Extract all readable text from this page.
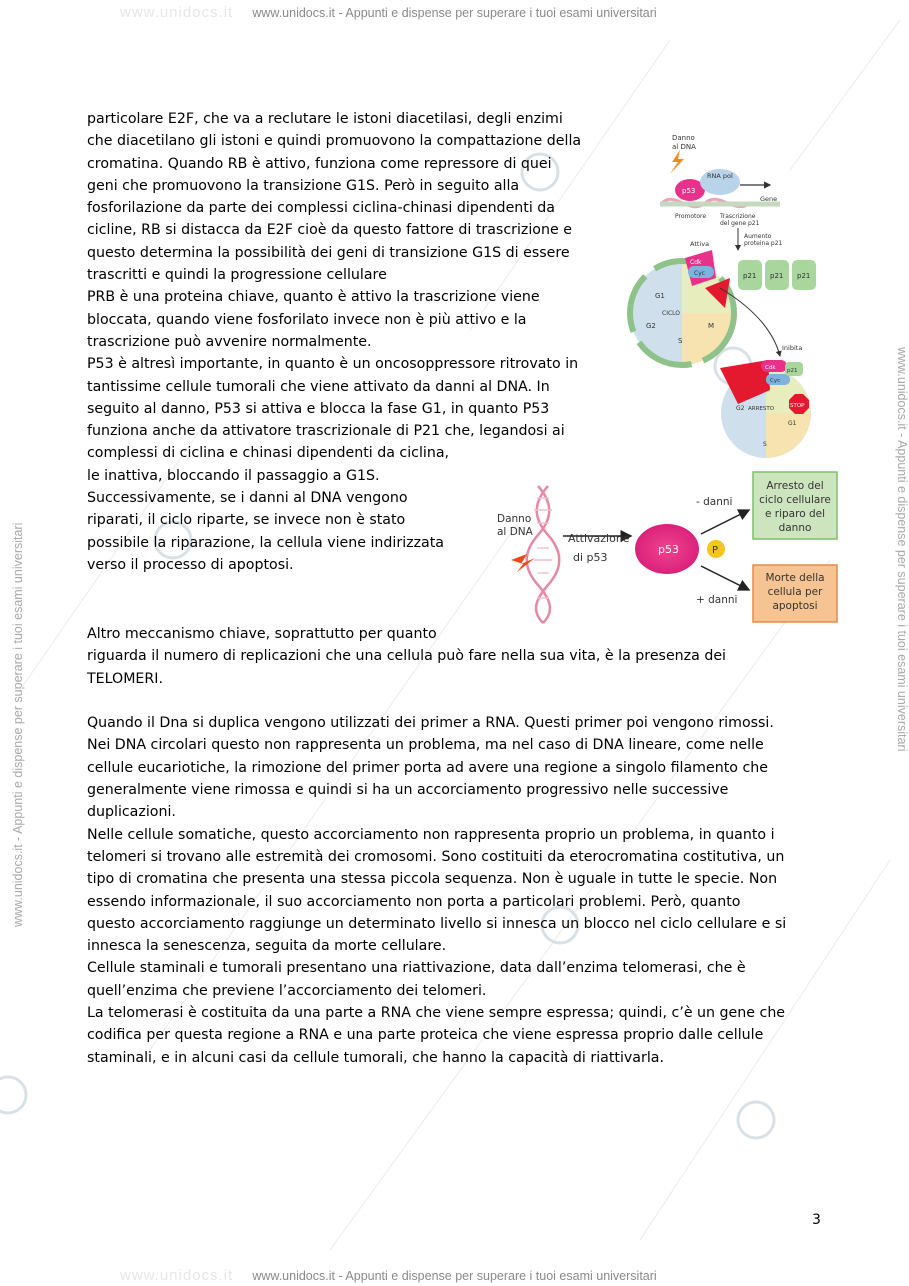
www.unidocs.it www.unidocs.it - Appunti e dispense per superare i tuoi esami universitari
www.unidocs.it www.unidocs.it - Appunti e dispense per superare i tuoi esami universitari
www.unidocs.it - Appunti e dispense per superare i tuoi esami universitari	www.unidocs.it - Appunti e dispense per superare i tuoi esami universitari
particolare E2F, che va a reclutare le istoni diacetilasi, degli enzimi
che diacetilano gli istoni e quindi promuovono la compattazione della
cromatina. Quando RB è attivo, funziona come repressore di quei
geni che promuovono la transizione G1S. Però in seguito alla
fosforilazione da parte dei complessi ciclina-chinasi dipendenti da
cicline, RB si distacca da E2F cioè da questo fattore di trascrizione e
questo determina la possibilità dei geni di transizione G1S di essere
trascritti e quindi la progressione cellulare
PRB è una proteina chiave, quanto è attivo la trascrizione viene
bloccata, quando viene fosforilato invece non è più attivo e la
trascrizione può avvenire normalmente.
P53 è altresì importante, in quanto è un oncosoppressore ritrovato in
tantissime cellule tumorali che viene attivato da danni al DNA. In
seguito al danno, P53 si attiva e blocca la fase G1, in quanto P53
funziona anche da attivatore trascrizionale di P21 che, legandosi ai
complessi di ciclina e chinasi dipendenti da ciclina,
le inattiva, bloccando il passaggio a G1S.
Successivamente, se i danni al DNA vengono
riparati, il ciclo riparte, se invece non è stato
possibile la riparazione, la cellula viene indirizzata
verso il processo di apoptosi.
Altro meccanismo chiave, soprattutto per quanto
riguarda il numero di replicazioni che una cellula può fare nella sua vita, è la presenza dei
TELOMERI.
Quando il Dna si duplica vengono utilizzati dei primer a RNA. Questi primer poi vengono rimossi.
Nei DNA circolari questo non rappresenta un problema, ma nel caso di DNA lineare, come nelle
cellule eucariotiche, la rimozione del primer porta ad avere una regione a singolo filamento che
generalmente viene rimossa e quindi si ha un accorciamento progressivo nelle successive
duplicazioni.
Nelle cellule somatiche, questo accorciamento non rappresenta proprio un problema, in quanto i
telomeri si trovano alle estremità dei cromosomi. Sono costituiti da eterocromatina costitutiva, un
tipo di cromatina che presenta una stessa piccola sequenza. Non è uguale in tutte le specie. Non
essendo informazionale, il suo accorciamento non porta a particolari problemi. Però, quanto
questo accorciamento raggiunge un determinato livello si innesca un blocco nel ciclo cellulare e si
innesca la senescenza, seguita da morte cellulare.
Cellule staminali e tumorali presentano una riattivazione, data dall’enzima telomerasi, che è
quell’enzima che previene l’accorciamento dei telomeri.
La telomerasi è costituita da una parte a RNA che viene sempre espressa; quindi, c’è un gene che
codifica per questa regione a RNA e una parte proteica che viene espressa proprio dalle cellule
staminali, e in alcuni casi da cellule tumorali, che hanno la capacità di riattivarla.
Danno
al DNA
p53
RNA pol
Promotore Trascrizione
del gene p21
Gene
Aumento
proteina p21
p21 p21 p21
Attiva
Cdk
Cyc
G1
CICLO
S
G2	M
Inibita
Cdk
Cyc
p21
STOP
G2 ARRESTO
G1
S
Danno
al DNA	Attivazione
di p53
p53	P
- danni
+ danni
Arresto del
ciclo cellulare
e riparo del
danno
Morte della
cellula per
apoptosi
3
